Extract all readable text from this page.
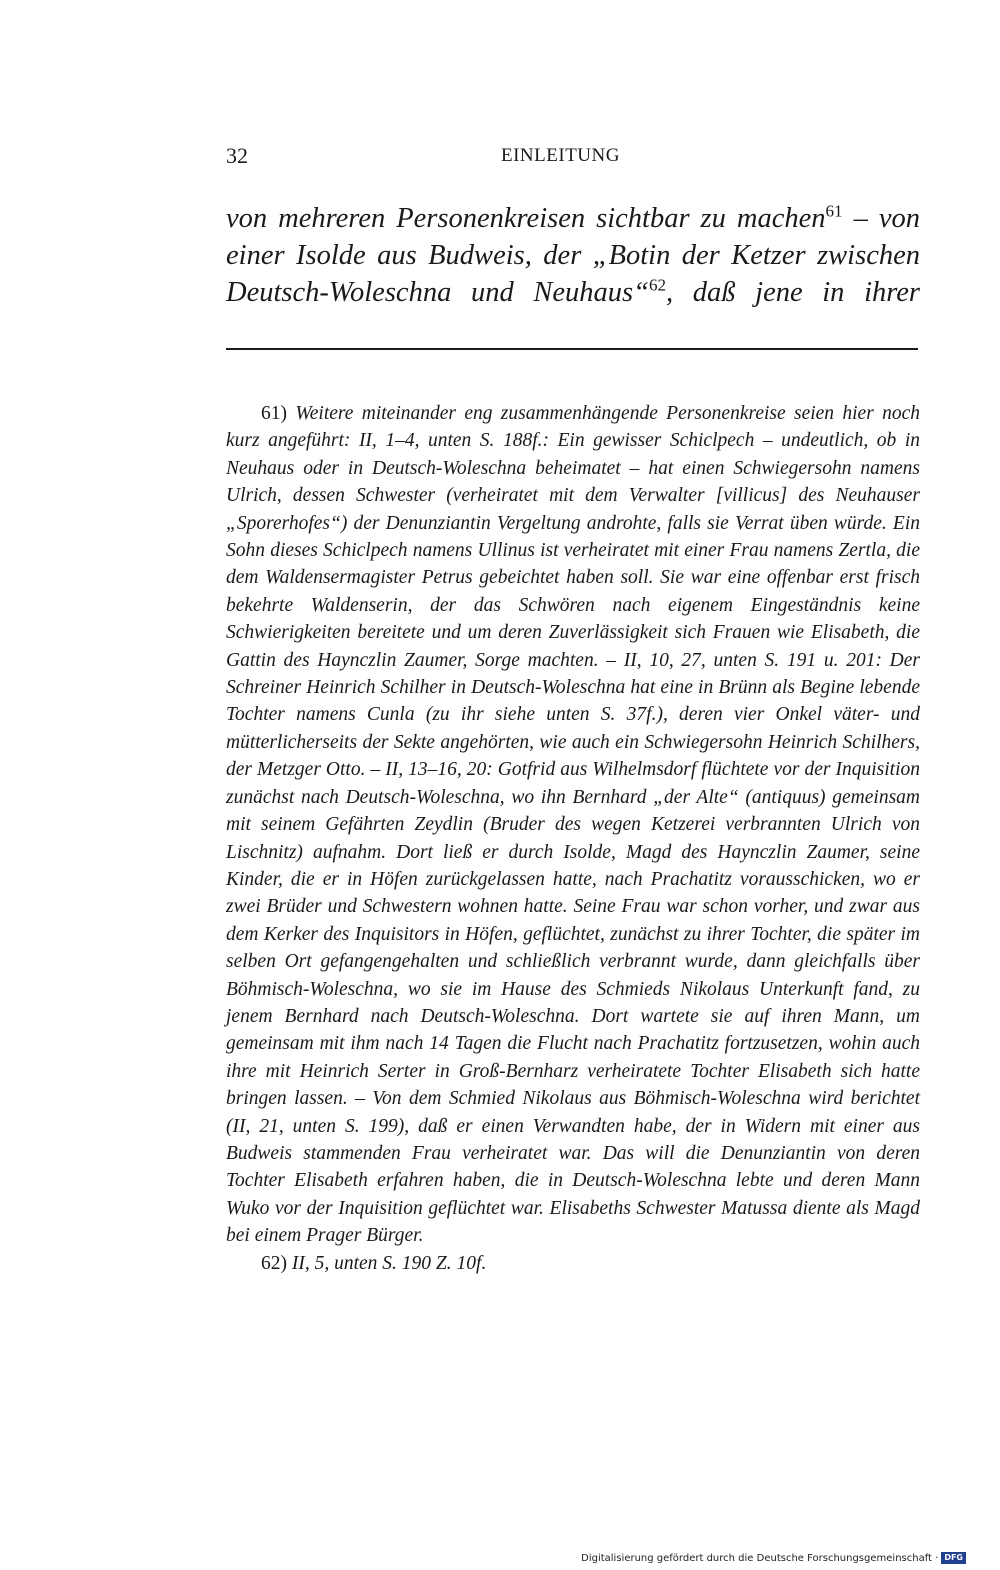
32	EINLEITUNG
von mehreren Personenkreisen sichtbar zu machen$^{61}$ – von
einer Isolde aus Budweis, der „Botin der Ketzer zwischen
Deutsch-Woleschna und Neuhaus“$^{62}$, daß jene in ihrer

61) Weitere miteinander eng zusammenhängende Personenkreise seien hier noch kurz angeführt: II, 1–4, unten S. 188f.: Ein gewisser Schiclpech – undeutlich, ob in Neuhaus oder in Deutsch-Woleschna beheimatet – hat einen Schwiegersohn namens Ulrich, dessen Schwester (verheiratet mit dem Verwalter [villicus] des Neuhauser „Sporerhofes“) der Denunziantin Vergeltung androhte, falls sie Verrat üben würde. Ein Sohn dieses Schiclpech namens Ullinus ist verheiratet mit einer Frau namens Zertla, die dem Waldensermagister Petrus gebeichtet haben soll. Sie war eine offenbar erst frisch bekehrte Waldenserin, der das Schwören nach eigenem Eingeständnis keine Schwierigkeiten bereitete und um deren Zuverlässigkeit sich Frauen wie Elisabeth, die Gattin des Haynczlin Zaumer, Sorge machten. – II, 10, 27, unten S. 191 u. 201: Der Schreiner Heinrich Schilher in Deutsch-Woleschna hat eine in Brünn als Begine lebende Tochter namens Cunla (zu ihr siehe unten S. 37f.), deren vier Onkel väter- und mütterlicherseits der Sekte angehörten, wie auch ein Schwiegersohn Heinrich Schilhers, der Metzger Otto. – II, 13–16, 20: Gotfrid aus Wilhelmsdorf flüchtete vor der Inquisition zunächst nach Deutsch-Woleschna, wo ihn Bernhard „der Alte“ (antiquus) gemeinsam mit seinem Gefährten Zeydlin (Bruder des wegen Ketzerei verbrannten Ulrich von Lischnitz) aufnahm. Dort ließ er durch Isolde, Magd des Haynczlin Zaumer, seine Kinder, die er in Höfen zurückgelassen hatte, nach Prachatitz vorausschicken, wo er zwei Brüder und Schwestern wohnen hatte. Seine Frau war schon vorher, und zwar aus dem Kerker des Inquisitors in Höfen, geflüchtet, zunächst zu ihrer Tochter, die später im selben Ort gefangengehalten und schließlich verbrannt wurde, dann gleichfalls über Böhmisch-Woleschna, wo sie im Hause des Schmieds Nikolaus Unterkunft fand, zu jenem Bernhard nach Deutsch-Woleschna. Dort wartete sie auf ihren Mann, um gemeinsam mit ihm nach 14 Tagen die Flucht nach Prachatitz fortzusetzen, wohin auch ihre mit Heinrich Serter in Groß-Bernharz verheiratete Tochter Elisabeth sich hatte bringen lassen. – Von dem Schmied Nikolaus aus Böhmisch-Woleschna wird berichtet (II, 21, unten S. 199), daß er einen Verwandten habe, der in Widern mit einer aus Budweis stammenden Frau verheiratet war. Das will die Denunziantin von deren Tochter Elisabeth erfahren haben, die in Deutsch-Woleschna lebte und deren Mann Wuko vor der Inquisition geflüchtet war. Elisabeths Schwester Matussa diente als Magd bei einem Prager Bürger.

62) II, 5, unten S. 190 Z. 10f.

Digitalisierung gefördert durch die Deutsche Forschungsgemeinschaft · DFG
